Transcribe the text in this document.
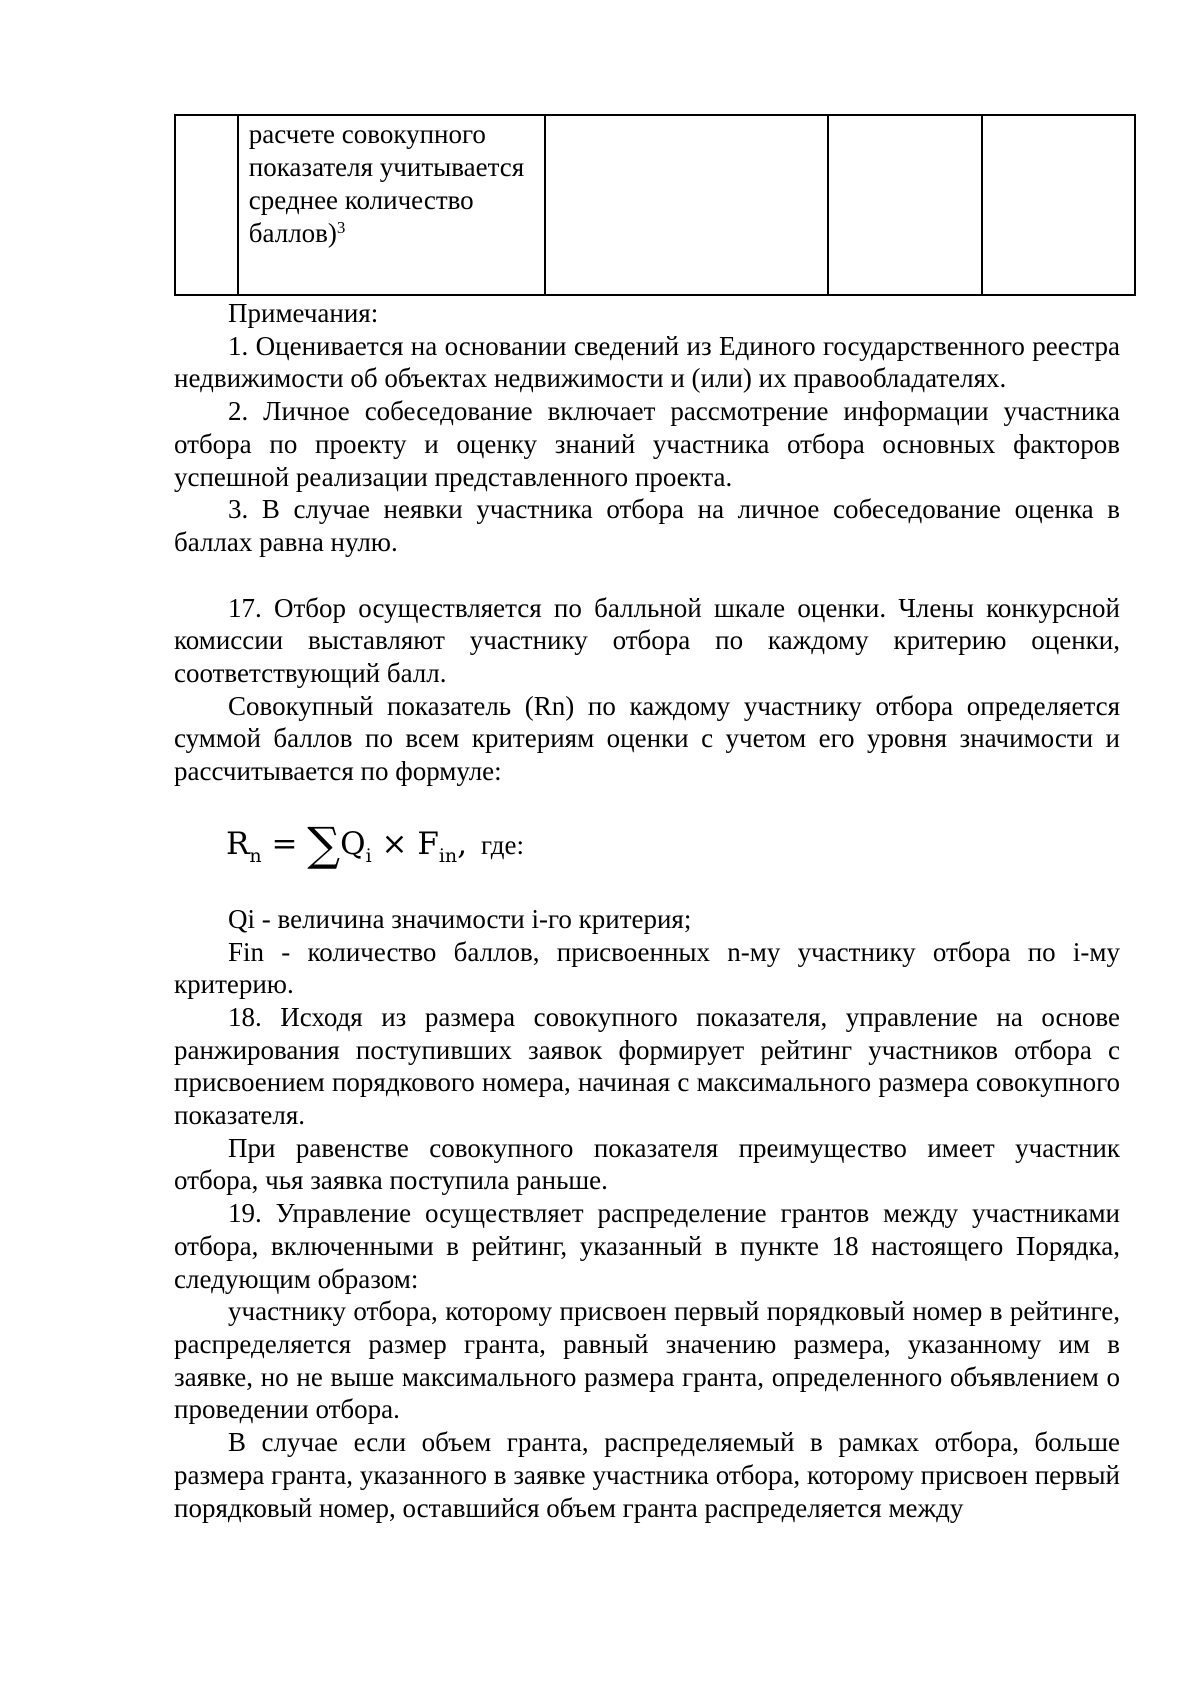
	расчете совокупного показателя учитывается среднее количество баллов)$^3$			

Примечания:

1. Оценивается на основании сведений из Единого государственного реестра недвижимости об объектах недвижимости и (или) их правообладателях.

2. Личное собеседование включает рассмотрение информации участника отбора по проекту и оценку знаний участника отбора основных факторов успешной реализации представленного проекта.

3. В случае неявки участника отбора на личное собеседование оценка в баллах равна нулю.

17. Отбор осуществляется по балльной шкале оценки. Члены конкурсной комиссии выставляют участнику отбора по каждому критерию оценки, соответствующий балл.

Совокупный показатель (Rn) по каждому участнику отбора определяется суммой баллов по всем критериям оценки с учетом его уровня значимости и рассчитывается по формуле:

$R_n = \sum Q_i \times F_{in}$, где:

Qi - величина значимости i-го критерия;

Fin - количество баллов, присвоенных n-му участнику отбора по i-му критерию.

18. Исходя из размера совокупного показателя, управление на основе ранжирования поступивших заявок формирует рейтинг участников отбора с присвоением порядкового номера, начиная с максимального размера совокупного показателя.

При равенстве совокупного показателя преимущество имеет участник отбора, чья заявка поступила раньше.

19. Управление осуществляет распределение грантов между участниками отбора, включенными в рейтинг, указанный в пункте 18 настоящего Порядка, следующим образом:

участнику отбора, которому присвоен первый порядковый номер в рейтинге, распределяется размер гранта, равный значению размера, указанному им в заявке, но не выше максимального размера гранта, определенного объявлением о проведении отбора.

В случае если объем гранта, распределяемый в рамках отбора, больше размера гранта, указанного в заявке участника отбора, которому присвоен первый порядковый номер, оставшийся объем гранта распределяется между
